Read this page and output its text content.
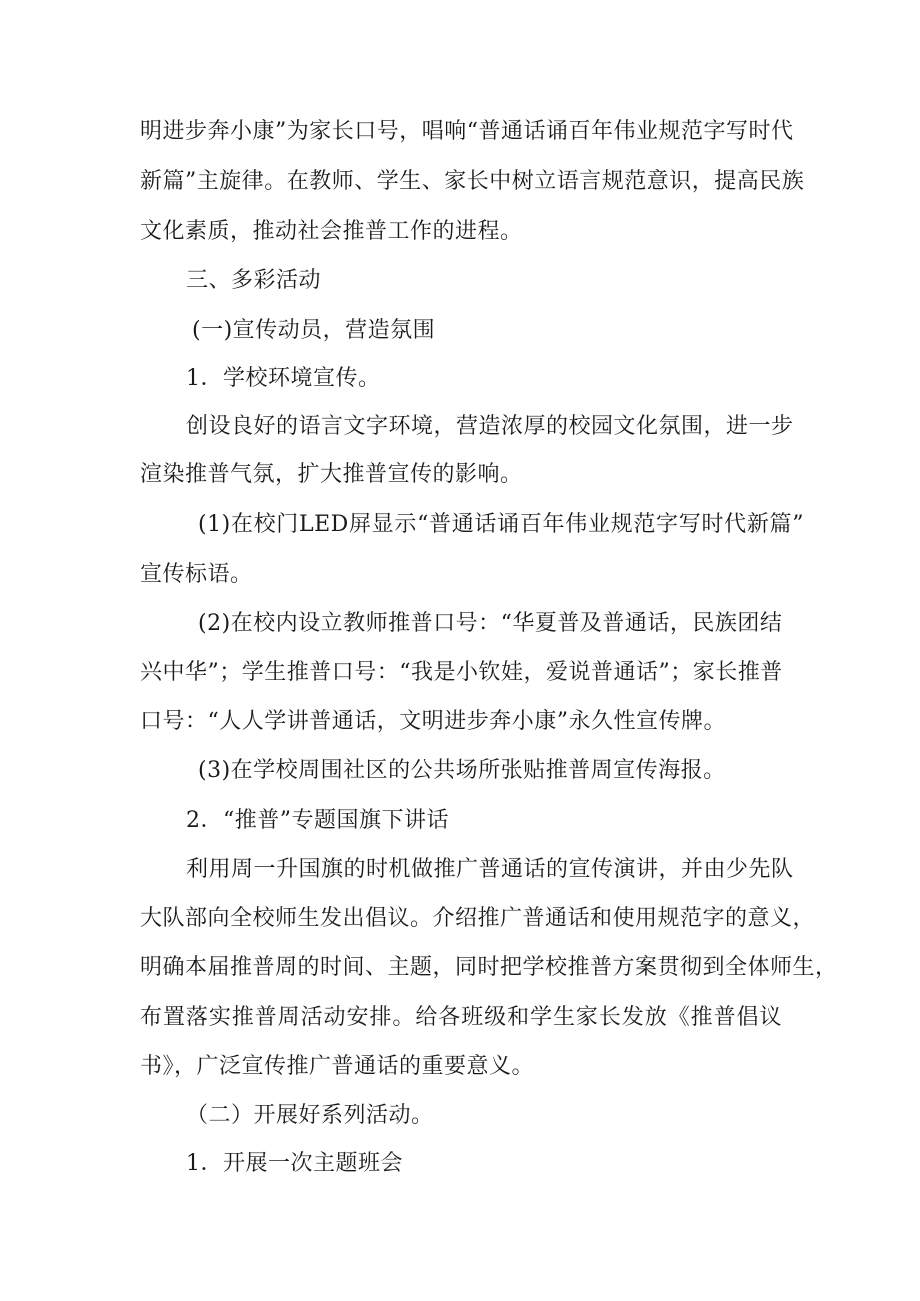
明进步奔小康”为家长口号，唱响“普通话诵百年伟业规范字写时代
新篇”主旋律。在教师、学生、家长中树立语言规范意识，提高民族
文化素质，推动社会推普工作的进程。
三、多彩活动
(一)宣传动员，营造氛围
1．学校环境宣传。
创设良好的语言文字环境，营造浓厚的校园文化氛围，进一步
渲染推普气氛，扩大推普宣传的影响。
(1)在校门LED屏显示“普通话诵百年伟业规范字写时代新篇”
宣传标语。
(2)在校内设立教师推普口号：“华夏普及普通话，民族团结
兴中华”；学生推普口号：“我是小钦娃，爱说普通话”；家长推普
口号：“人人学讲普通话，文明进步奔小康”永久性宣传牌。
(3)在学校周围社区的公共场所张贴推普周宣传海报。
2．“推普”专题国旗下讲话
利用周一升国旗的时机做推广普通话的宣传演讲，并由少先队
大队部向全校师生发出倡议。介绍推广普通话和使用规范字的意义，
明确本届推普周的时间、主题，同时把学校推普方案贯彻到全体师生，
布置落实推普周活动安排。给各班级和学生家长发放《推普倡议
书》，广泛宣传推广普通话的重要意义。
（二）开展好系列活动。
1．开展一次主题班会
